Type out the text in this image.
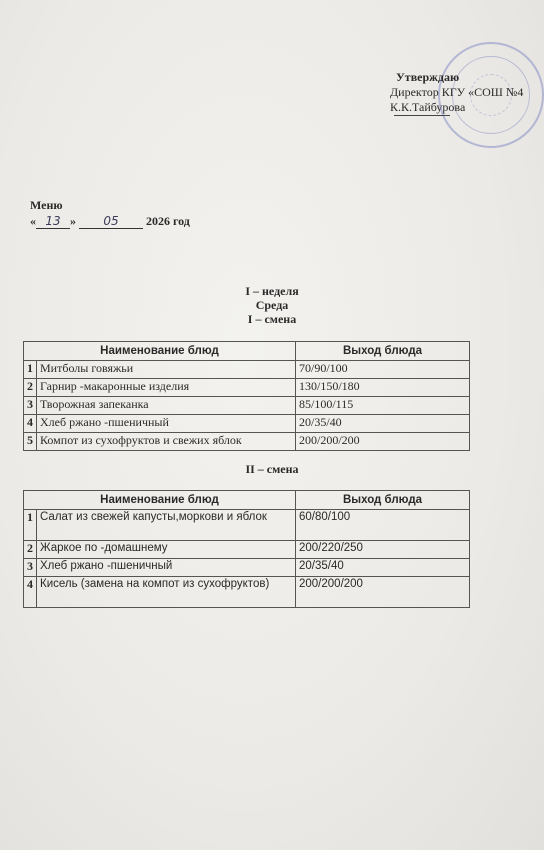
Утверждаю
Директор КГУ «СОШ №4
К.К.Тайбурова
Меню
« 13 » 05 2026 год
I – неделя
Среда
I – смена
Наименование блюд		Выход блюда
1	Митболы говяжьи	70/90/100
2	Гарнир -макаронные изделия	130/150/180
3	Творожная запеканка	85/100/115
4	Хлеб ржано -пшеничный	20/35/40
5	Компот из сухофруктов и свежих яблок	200/200/200
II – смена
Наименование блюд		Выход блюда
1	Салат из свежей капусты,моркови и яблок	60/80/100
2	Жаркое по -домашнему	200/220/250
3	Хлеб ржано -пшеничный	20/35/40
4	Кисель (замена на компот из сухофруктов)	200/200/200
